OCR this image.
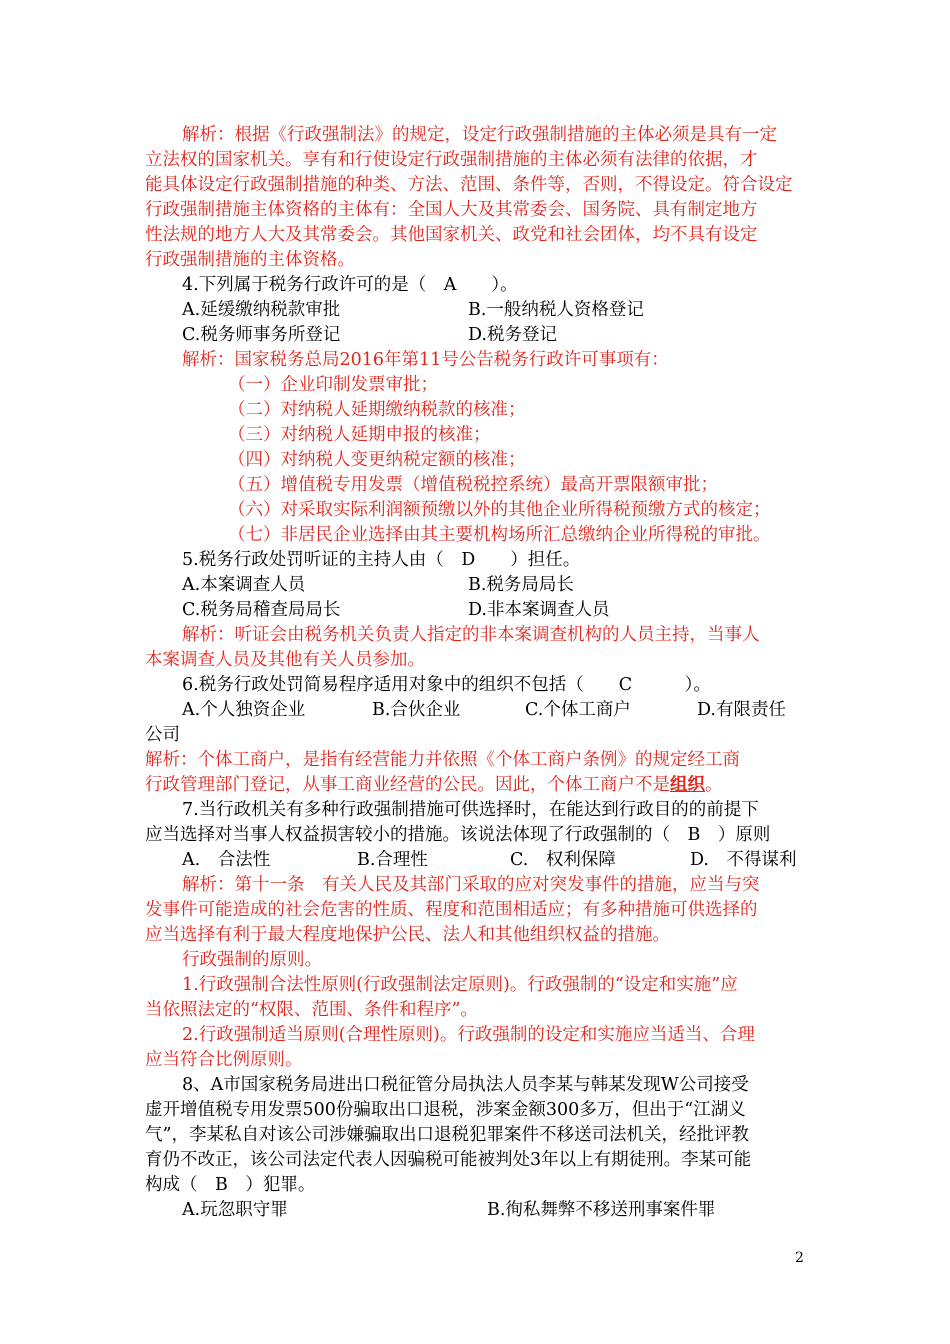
解析：根据《行政强制法》的规定，设定行政强制措施的主体必须是具有一定
立法权的国家机关。享有和行使设定行政强制措施的主体必须有法律的依据，才
能具体设定行政强制措施的种类、方法、范围、条件等，否则，不得设定。符合设定
行政强制措施主体资格的主体有：全国人大及其常委会、国务院、具有制定地方
性法规的地方人大及其常委会。其他国家机关、政党和社会团体，均不具有设定
行政强制措施的主体资格。
4.下列属于税务行政许可的是（　A　　）。
A.延缓缴纳税款审批	B.一般纳税人资格登记
C.税务师事务所登记	D.税务登记
解析：国家税务总局2016年第11号公告税务行政许可事项有：
（一）企业印制发票审批；
（二）对纳税人延期缴纳税款的核准；
（三）对纳税人延期申报的核准；
（四）对纳税人变更纳税定额的核准；
（五）增值税专用发票（增值税税控系统）最高开票限额审批；
（六）对采取实际利润额预缴以外的其他企业所得税预缴方式的核定；
（七）非居民企业选择由其主要机构场所汇总缴纳企业所得税的审批。
5.税务行政处罚听证的主持人由（　D　　）担任。
A.本案调查人员	B.税务局局长
C.税务局稽查局局长	D.非本案调查人员
解析：听证会由税务机关负责人指定的非本案调查机构的人员主持，当事人
本案调查人员及其他有关人员参加。
6.税务行政处罚简易程序适用对象中的组织不包括（　　C　　　）。
A.个人独资企业	B.合伙企业	C.个体工商户	D.有限责任
公司
解析：个体工商户，是指有经营能力并依照《个体工商户条例》的规定经工商
行政管理部门登记，从事工商业经营的公民。因此，个体工商户不是组织。
7.当行政机关有多种行政强制措施可供选择时，在能达到行政目的的前提下
应当选择对当事人权益损害较小的措施。该说法体现了行政强制的（　B　）原则
A.　合法性	B.合理性	C.　权利保障	D.　不得谋利
解析：第十一条　有关人民及其部门采取的应对突发事件的措施，应当与突
发事件可能造成的社会危害的性质、程度和范围相适应；有多种措施可供选择的
应当选择有利于最大程度地保护公民、法人和其他组织权益的措施。
行政强制的原则。
1.行政强制合法性原则(行政强制法定原则)。行政强制的“设定和实施”应
当依照法定的“权限、范围、条件和程序”。
2.行政强制适当原则(合理性原则)。行政强制的设定和实施应当适当、合理
应当符合比例原则。
8、A市国家税务局进出口税征管分局执法人员李某与韩某发现W公司接受
虚开增值税专用发票500份骗取出口退税，涉案金额300多万，但出于“江湖义
气”，李某私自对该公司涉嫌骗取出口退税犯罪案件不移送司法机关，经批评教
育仍不改正，该公司法定代表人因骗税可能被判处3年以上有期徒刑。李某可能
构成（　B　）犯罪。
A.玩忽职守罪	B.徇私舞弊不移送刑事案件罪
2
